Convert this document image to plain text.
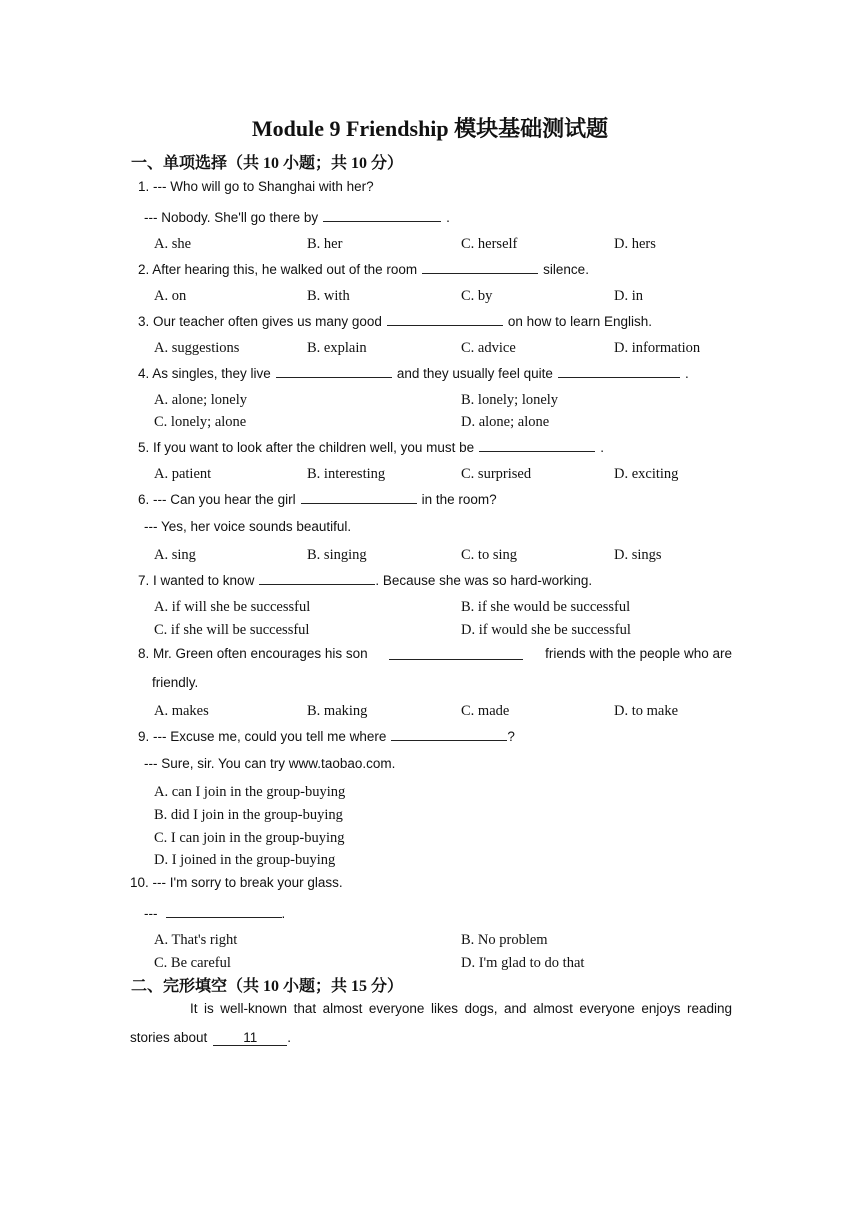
Module 9 Friendship 模块基础测试题
一、单项选择（共 10 小题；共 10 分）
1. --- Who will go to Shanghai with her?
--- Nobody. She'll go there by	.
A. she	B. her	C. herself	D. hers
2. After hearing this, he walked out of the room	silence.
A. on	B. with	C. by	D. in
3. Our teacher often gives us many good	on how to learn English.
A. suggestions	B. explain	C. advice	D. information
4. As singles, they live	and they usually feel quite	.
A. alone; lonely	B. lonely; lonely
C. lonely; alone	D. alone; alone
5. If you want to look after the children well, you must be	.
A. patient	B. interesting	C. surprised	D. exciting
6. --- Can you hear the girl	in the room?
--- Yes, her voice sounds beautiful.
A. sing	B. singing	C. to sing	D. sings
7. I wanted to know	. Because she was so hard-working.
A. if will she be successful	B. if she would be successful
C. if she will be successful	D. if would she be successful
8. Mr. Green often encourages his son	friends with the people who are
friendly.
A. makes	B. making	C. made	D. to make
9. --- Excuse me, could you tell me where	?
--- Sure, sir. You can try www.taobao.com.
A. can I join in the group-buying
B. did I join in the group-buying
C. I can join in the group-buying
D. I joined in the group-buying
10. --- I'm sorry to break your glass.
---	.
A. That's right	B. No problem
C. Be careful	D. I'm glad to do that
二、完形填空（共 10 小题；共 15 分）
It is well-known that almost everyone likes dogs, and almost everyone enjoys reading
stories about	11 .
